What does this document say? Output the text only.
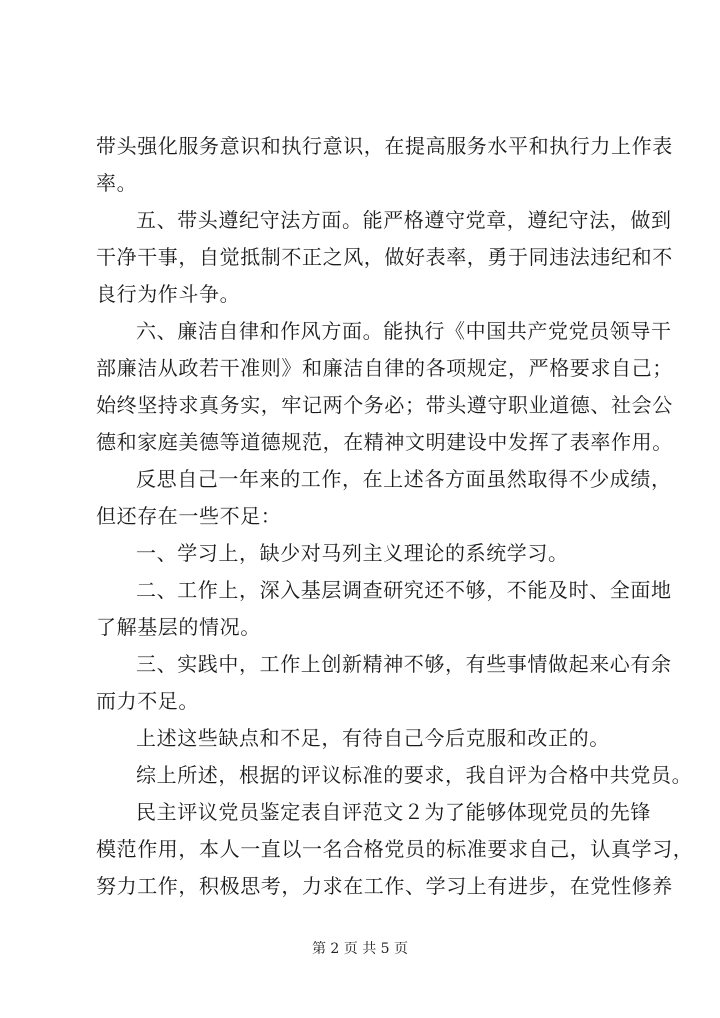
带头强化服务意识和执行意识，在提高服务水平和执行力上作表
率。
五、带头遵纪守法方面。能严格遵守党章，遵纪守法，做到
干净干事，自觉抵制不正之风，做好表率，勇于同违法违纪和不
良行为作斗争。
六、廉洁自律和作风方面。能执行《中国共产党党员领导干
部廉洁从政若干准则》和廉洁自律的各项规定，严格要求自己；
始终坚持求真务实，牢记两个务必；带头遵守职业道德、社会公
德和家庭美德等道德规范，在精神文明建设中发挥了表率作用。
反思自己一年来的工作，在上述各方面虽然取得不少成绩，
但还存在一些不足：
一、学习上，缺少对马列主义理论的系统学习。
二、工作上，深入基层调查研究还不够，不能及时、全面地
了解基层的情况。
三、实践中，工作上创新精神不够，有些事情做起来心有余
而力不足。
上述这些缺点和不足，有待自己今后克服和改正的。
综上所述，根据的评议标准的要求，我自评为合格中共党员。
民主评议党员鉴定表自评范文２为了能够体现党员的先锋
模范作用，本人一直以一名合格党员的标准要求自己，认真学习，
努力工作，积极思考，力求在工作、学习上有进步，在党性修养
第 2 页 共 5 页
